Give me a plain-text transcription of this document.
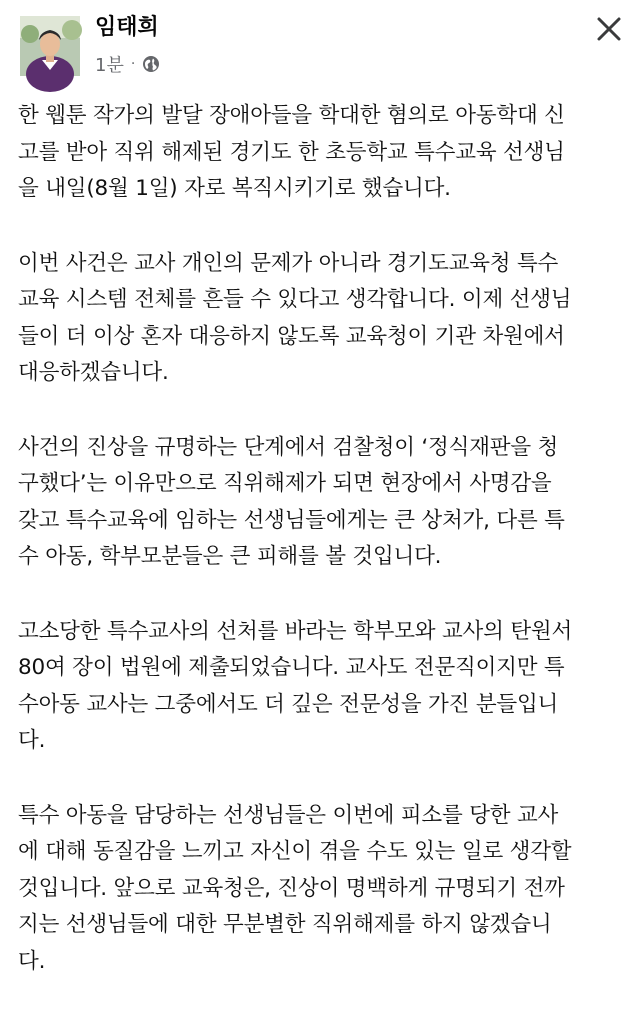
임태희
1분 ·

한 웹툰 작가의 발달 장애아들을 학대한 혐의로 아동학대 신
고를 받아 직위 해제된 경기도 한 초등학교 특수교육 선생님
을 내일(8월 1일) 자로 복직시키기로 했습니다.

이번 사건은 교사 개인의 문제가 아니라 경기도교육청 특수
교육 시스템 전체를 흔들 수 있다고 생각합니다. 이제 선생님
들이 더 이상 혼자 대응하지 않도록 교육청이 기관 차원에서
대응하겠습니다.

사건의 진상을 규명하는 단계에서 검찰청이 ‘정식재판을 청
구했다’는 이유만으로 직위해제가 되면 현장에서 사명감을
갖고 특수교육에 임하는 선생님들에게는 큰 상처가, 다른 특
수 아동, 학부모분들은 큰 피해를 볼 것입니다.

고소당한 특수교사의 선처를 바라는 학부모와 교사의 탄원서
80여 장이 법원에 제출되었습니다. 교사도 전문직이지만 특
수아동 교사는 그중에서도 더 깊은 전문성을 가진 분들입니
다.

특수 아동을 담당하는 선생님들은 이번에 피소를 당한 교사
에 대해 동질감을 느끼고 자신이 겪을 수도 있는 일로 생각할
것입니다. 앞으로 교육청은, 진상이 명백하게 규명되기 전까
지는 선생님들에 대한 무분별한 직위해제를 하지 않겠습니
다.
